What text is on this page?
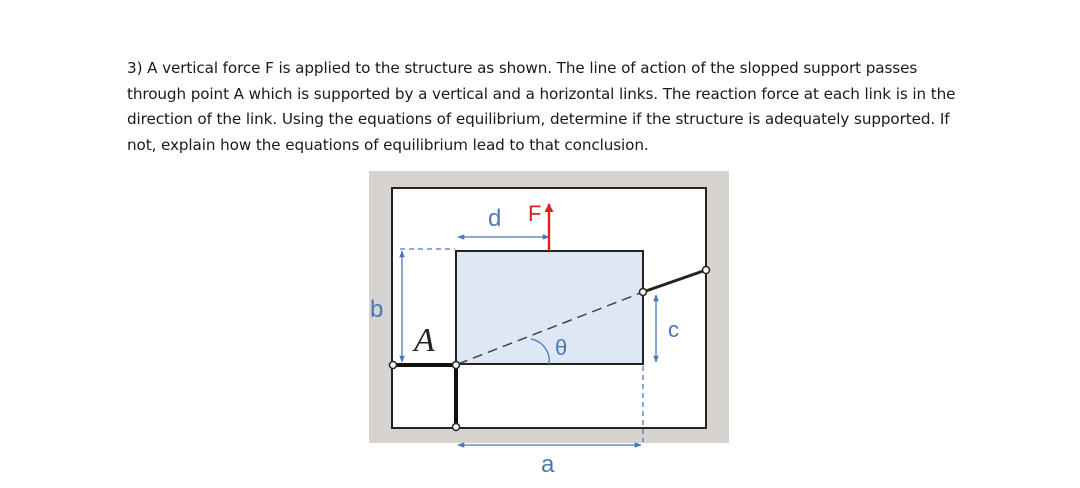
3) A vertical force F is applied to the structure as shown. The line of action of the slopped support passes through point A which is supported by a vertical and a horizontal links. The reaction force at each link is in the direction of the link. Using the equations of equilibrium, determine if the structure is adequately supported. If not, explain how the equations of equilibrium lead to that conclusion.

d F
A
b
c
θ
a
